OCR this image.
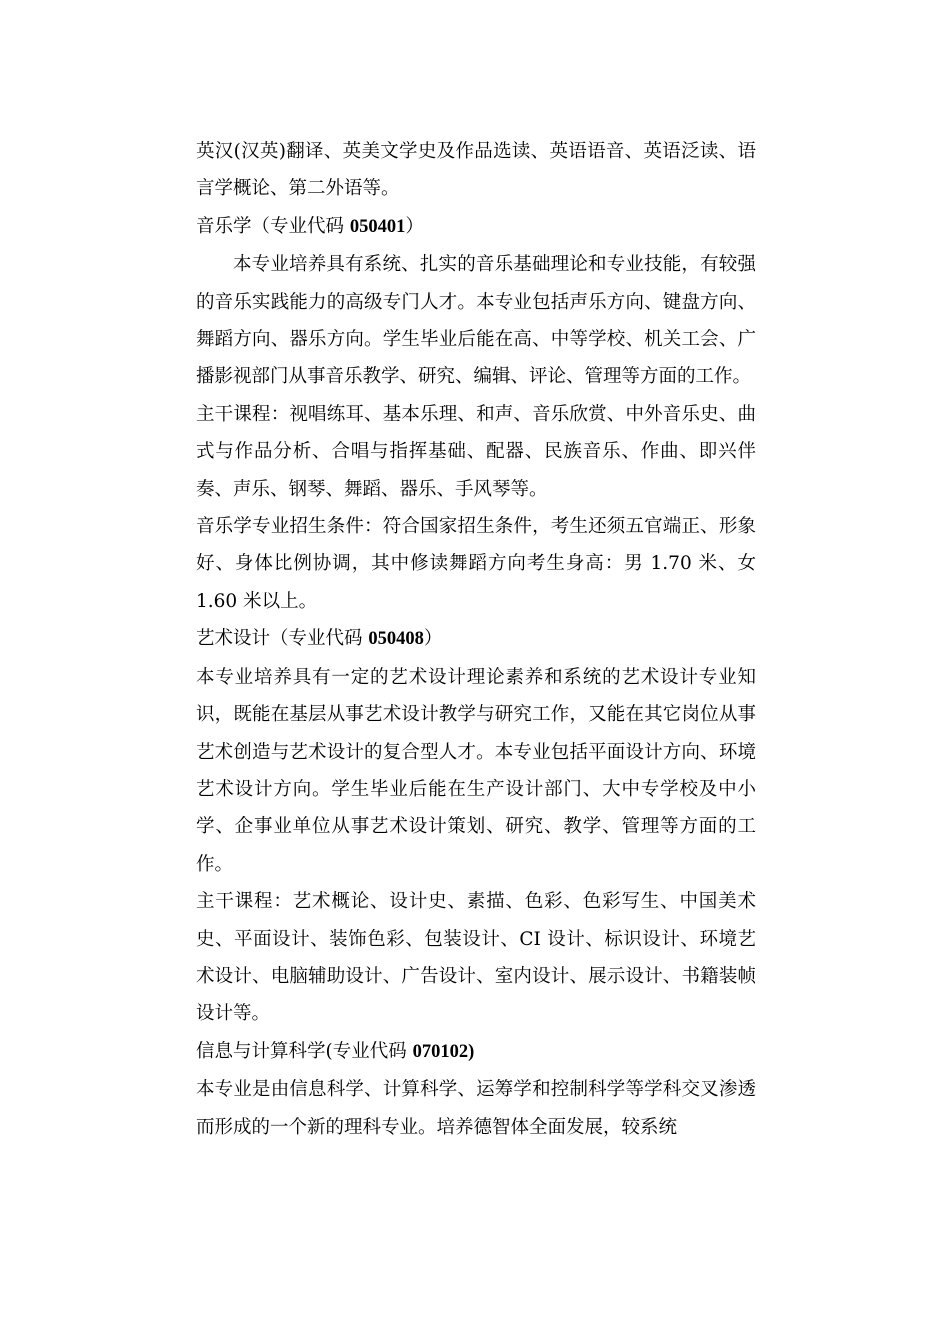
英汉(汉英)翻译、英美文学史及作品选读、英语语音、英语泛读、语言学概论、第二外语等。

音乐学（专业代码 050401）

本专业培养具有系统、扎实的音乐基础理论和专业技能，有较强的音乐实践能力的高级专门人才。本专业包括声乐方向、键盘方向、舞蹈方向、器乐方向。学生毕业后能在高、中等学校、机关工会、广播影视部门从事音乐教学、研究、编辑、评论、管理等方面的工作。

主干课程：视唱练耳、基本乐理、和声、音乐欣赏、中外音乐史、曲式与作品分析、合唱与指挥基础、配器、民族音乐、作曲、即兴伴奏、声乐、钢琴、舞蹈、器乐、手风琴等。

音乐学专业招生条件：符合国家招生条件，考生还须五官端正、形象好、身体比例协调，其中修读舞蹈方向考生身高：男 1.70 米、女 1.60 米以上。

艺术设计（专业代码 050408）

本专业培养具有一定的艺术设计理论素养和系统的艺术设计专业知识，既能在基层从事艺术设计教学与研究工作，又能在其它岗位从事艺术创造与艺术设计的复合型人才。本专业包括平面设计方向、环境艺术设计方向。学生毕业后能在生产设计部门、大中专学校及中小学、企事业单位从事艺术设计策划、研究、教学、管理等方面的工作。

主干课程：艺术概论、设计史、素描、色彩、色彩写生、中国美术史、平面设计、装饰色彩、包装设计、CI 设计、标识设计、环境艺术设计、电脑辅助设计、广告设计、室内设计、展示设计、书籍装帧设计等。

信息与计算科学(专业代码 070102)

本专业是由信息科学、计算科学、运筹学和控制科学等学科交叉渗透而形成的一个新的理科专业。培养德智体全面发展，较系统
